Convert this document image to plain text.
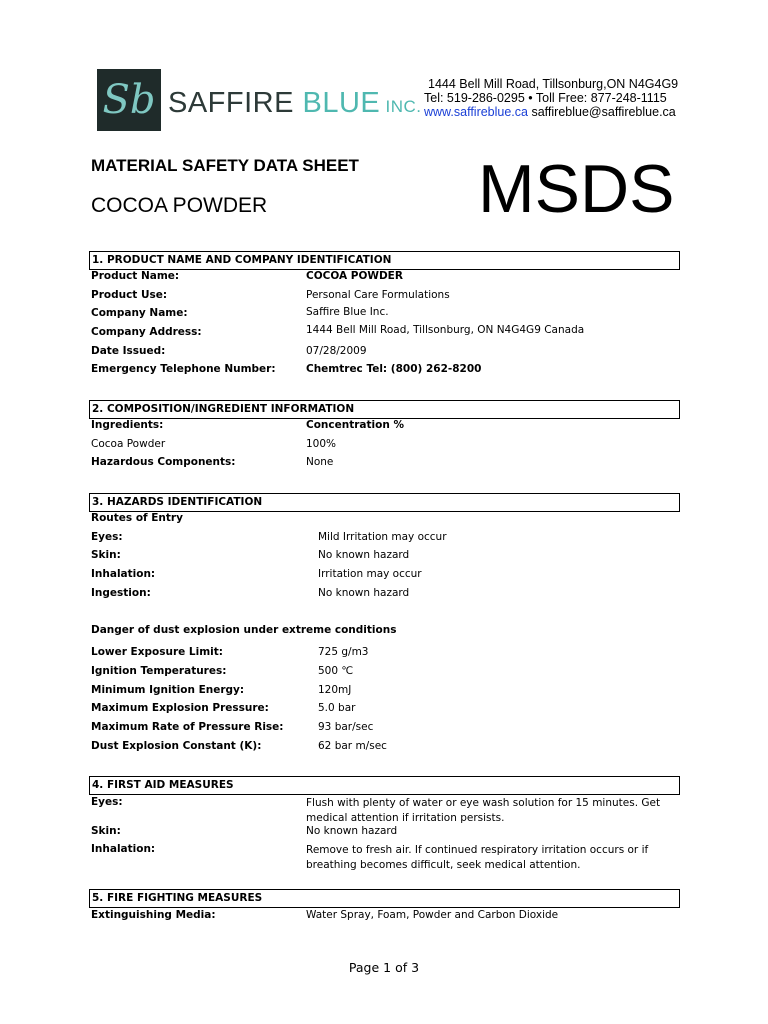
Sb SAFFIRE BLUE INC.
1444 Bell Mill Road, Tillsonburg,ON N4G4G9
Tel: 519-286-0295 • Toll Free: 877-248-1115
www.saffireblue.ca saffireblue@saffireblue.ca
MATERIAL SAFETY DATA SHEET
COCOA POWDER	MSDS
1. PRODUCT NAME AND COMPANY IDENTIFICATION
Product Name:	COCOA POWDER
Product Use:	Personal Care Formulations
Company Name:	Saffire Blue Inc.
Company Address:	1444 Bell Mill Road, Tillsonburg, ON N4G4G9 Canada
Date Issued:	07/28/2009
Emergency Telephone Number:	Chemtrec Tel: (800) 262-8200
2. COMPOSITION/INGREDIENT INFORMATION
Ingredients:	Concentration %
Cocoa Powder	100%
Hazardous Components:	None
3. HAZARDS IDENTIFICATION
Routes of Entry
Eyes:	Mild Irritation may occur
Skin:	No known hazard
Inhalation:	Irritation may occur
Ingestion:	No known hazard
Danger of dust explosion under extreme conditions
Lower Exposure Limit:	725 g/m3
Ignition Temperatures:	500 ℃
Minimum Ignition Energy:	120mJ
Maximum Explosion Pressure:	5.0 bar
Maximum Rate of Pressure Rise:	93 bar/sec
Dust Explosion Constant (K):	62 bar m/sec
4. FIRST AID MEASURES
Eyes:	Flush with plenty of water or eye wash solution for 15 minutes. Get medical attention if irritation persists.
Skin:	No known hazard
Inhalation:	Remove to fresh air. If continued respiratory irritation occurs or if breathing becomes difficult, seek medical attention.
5. FIRE FIGHTING MEASURES
Extinguishing Media:	Water Spray, Foam, Powder and Carbon Dioxide
Page 1 of 3
